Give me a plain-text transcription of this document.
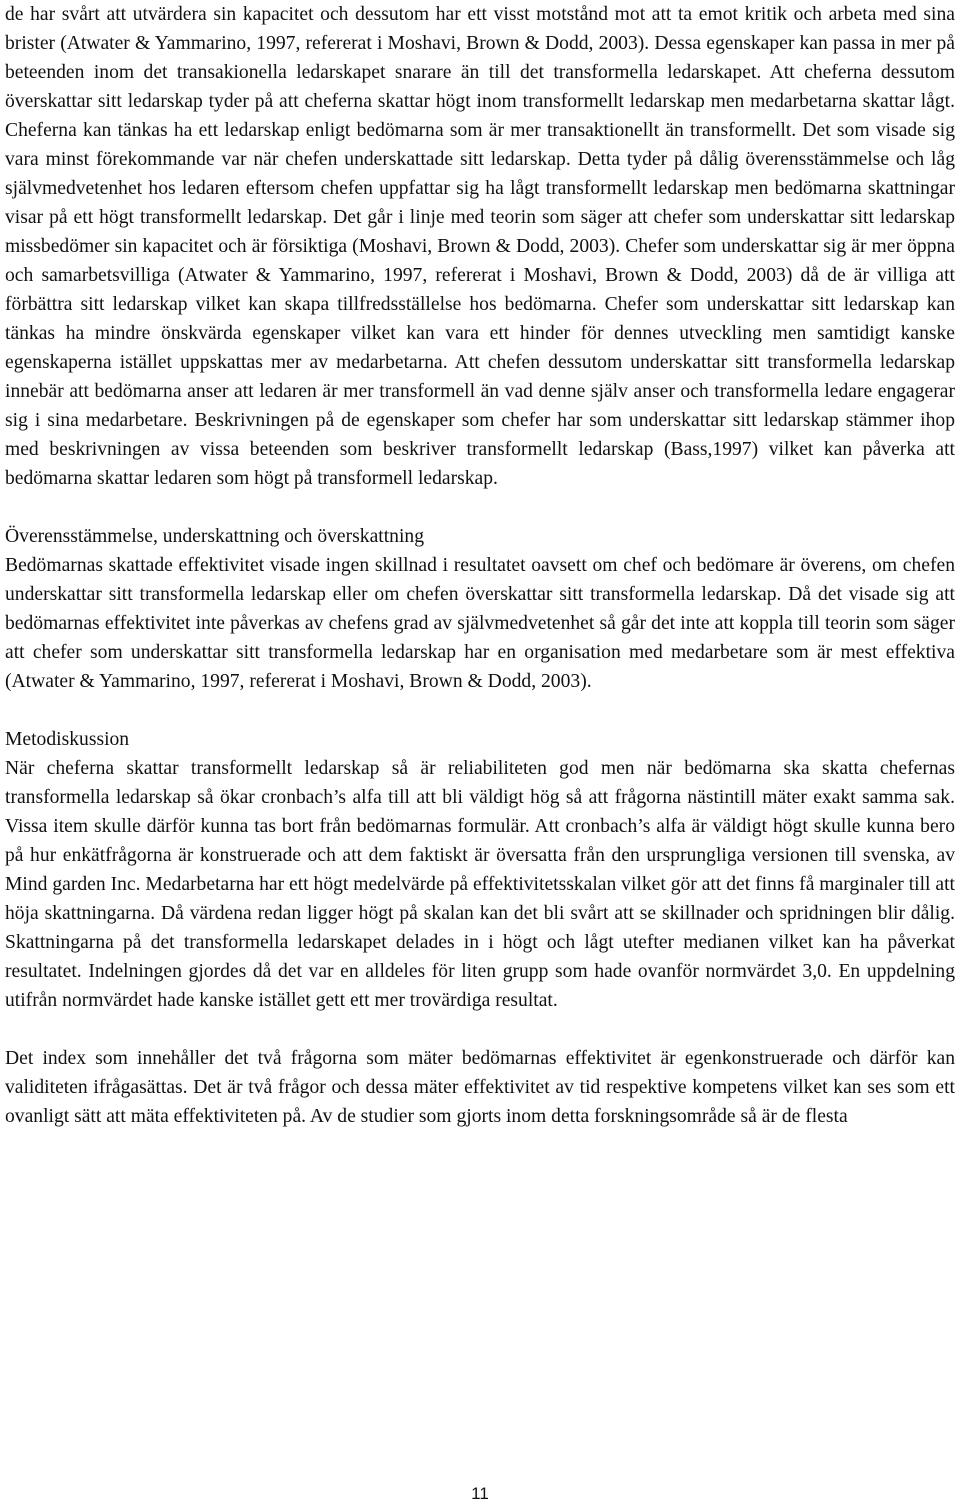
de har svårt att utvärdera sin kapacitet och dessutom har ett visst motstånd mot att ta emot kritik och arbeta med sina brister (Atwater & Yammarino, 1997, refererat i Moshavi, Brown & Dodd, 2003). Dessa egenskaper kan passa in mer på beteenden inom det transakionella ledarskapet snarare än till det transformella ledarskapet. Att cheferna dessutom överskattar sitt ledarskap tyder på att cheferna skattar högt inom transformellt ledarskap men medarbetarna skattar lågt. Cheferna kan tänkas ha ett ledarskap enligt bedömarna som är mer transaktionellt än transformellt. Det som visade sig vara minst förekommande var när chefen underskattade sitt ledarskap. Detta tyder på dålig överensstämmelse och låg självmedvetenhet hos ledaren eftersom chefen uppfattar sig ha lågt transformellt ledarskap men bedömarna skattningar visar på ett högt transformellt ledarskap. Det går i linje med teorin som säger att chefer som underskattar sitt ledarskap missbedömer sin kapacitet och är försiktiga (Moshavi, Brown & Dodd, 2003). Chefer som underskattar sig är mer öppna och samarbetsvilliga (Atwater & Yammarino, 1997, refererat i Moshavi, Brown & Dodd, 2003) då de är villiga att förbättra sitt ledarskap vilket kan skapa tillfredsställelse hos bedömarna. Chefer som underskattar sitt ledarskap kan tänkas ha mindre önskvärda egenskaper vilket kan vara ett hinder för dennes utveckling men samtidigt kanske egenskaperna istället uppskattas mer av medarbetarna. Att chefen dessutom underskattar sitt transformella ledarskap innebär att bedömarna anser att ledaren är mer transformell än vad denne själv anser och transformella ledare engagerar sig i sina medarbetare. Beskrivningen på de egenskaper som chefer har som underskattar sitt ledarskap stämmer ihop med beskrivningen av vissa beteenden som beskriver transformellt ledarskap (Bass,1997) vilket kan påverka att bedömarna skattar ledaren som högt på transformell ledarskap.

Överensstämmelse, underskattning och överskattning

Bedömarnas skattade effektivitet visade ingen skillnad i resultatet oavsett om chef och bedömare är överens, om chefen underskattar sitt transformella ledarskap eller om chefen överskattar sitt transformella ledarskap. Då det visade sig att bedömarnas effektivitet inte påverkas av chefens grad av självmedvetenhet så går det inte att koppla till teorin som säger att chefer som underskattar sitt transformella ledarskap har en organisation med medarbetare som är mest effektiva (Atwater & Yammarino, 1997, refererat i Moshavi, Brown & Dodd, 2003).

Metodiskussion

När cheferna skattar transformellt ledarskap så är reliabiliteten god men när bedömarna ska skatta chefernas transformella ledarskap så ökar cronbach’s alfa till att bli väldigt hög så att frågorna nästintill mäter exakt samma sak. Vissa item skulle därför kunna tas bort från bedömarnas formulär. Att cronbach’s alfa är väldigt högt skulle kunna bero på hur enkätfrågorna är konstruerade och att dem faktiskt är översatta från den ursprungliga versionen till svenska, av Mind garden Inc. Medarbetarna har ett högt medelvärde på effektivitetsskalan vilket gör att det finns få marginaler till att höja skattningarna. Då värdena redan ligger högt på skalan kan det bli svårt att se skillnader och spridningen blir dålig. Skattningarna på det transformella ledarskapet delades in i högt och lågt utefter medianen vilket kan ha påverkat resultatet. Indelningen gjordes då det var en alldeles för liten grupp som hade ovanför normvärdet 3,0. En uppdelning utifrån normvärdet hade kanske istället gett ett mer trovärdiga resultat.

Det index som innehåller det två frågorna som mäter bedömarnas effektivitet är egenkonstruerade och därför kan validiteten ifrågasättas. Det är två frågor och dessa mäter effektivitet av tid respektive kompetens vilket kan ses som ett ovanligt sätt att mäta effektiviteten på. Av de studier som gjorts inom detta forskningsområde så är de flesta

11
